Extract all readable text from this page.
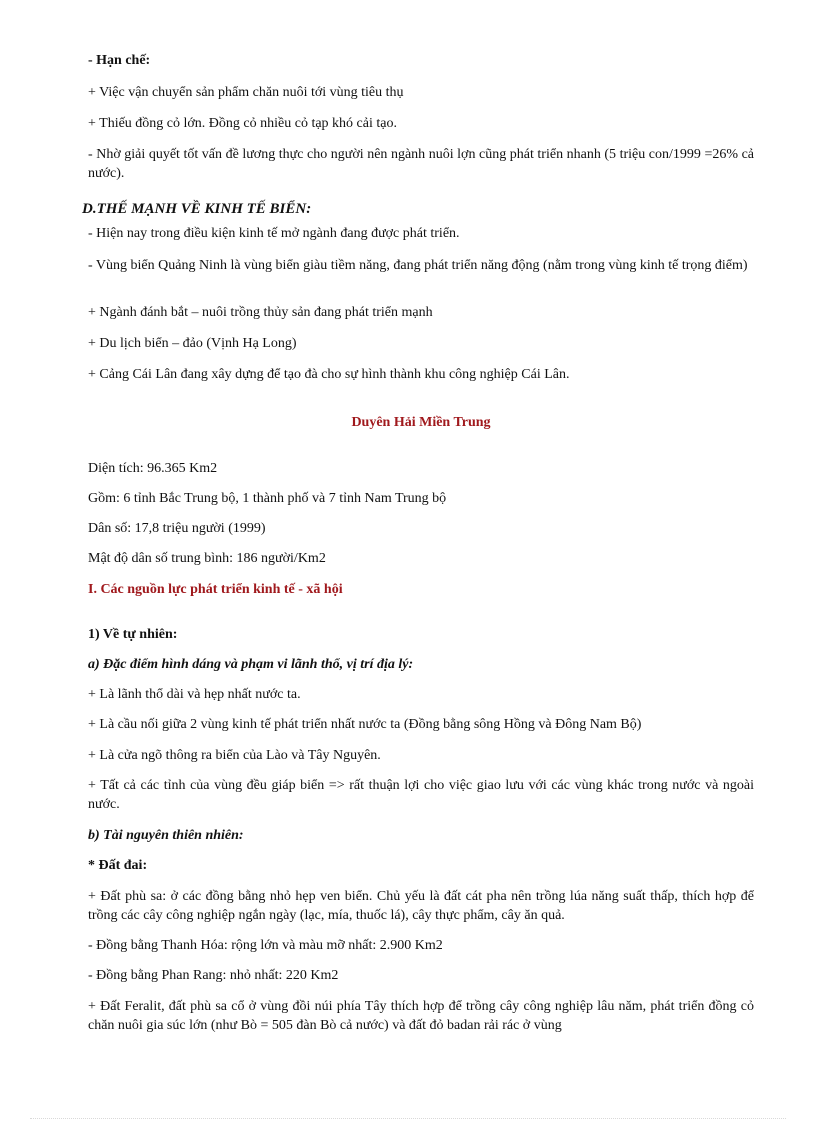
- Hạn chế:
+ Việc vận chuyển sản phẩm chăn nuôi tới vùng tiêu thụ
+ Thiếu đồng cỏ lớn. Đồng cỏ nhiều cỏ tạp khó cải tạo.
- Nhờ giải quyết tốt vấn đề lương thực cho người nên ngành nuôi lợn cũng phát triển nhanh (5 triệu con/1999 =26% cả nước).
D.THẾ MẠNH VỀ KINH TẾ BIỂN:
- Hiện nay trong điều kiện kinh tế mở ngành đang được phát triển.
- Vùng biển Quảng Ninh là vùng biển giàu tiềm năng, đang phát triển năng động (nằm trong vùng kinh tế trọng điểm)
+ Ngành đánh bắt – nuôi trồng thủy sản đang phát triển mạnh
+ Du lịch biển – đảo (Vịnh Hạ Long)
+ Cảng Cái Lân đang xây dựng để tạo đà cho sự hình thành khu công nghiệp Cái Lân.
Duyên Hải Miền Trung
Diện tích: 96.365 Km2
Gồm: 6 tỉnh Bắc Trung bộ, 1 thành phố và 7 tỉnh Nam Trung bộ
Dân số: 17,8 triệu người (1999)
Mật độ dân số trung bình: 186 người/Km2
I. Các nguồn lực phát triển kinh tế - xã hội
1) Về tự nhiên:
a) Đặc điểm hình dáng và phạm vi lãnh thổ, vị trí địa lý:
+ Là lãnh thổ dài và hẹp nhất nước ta.
+ Là cầu nối giữa 2 vùng kinh tế phát triển nhất nước ta (Đồng bằng sông Hồng và Đông Nam Bộ)
+ Là cửa ngõ thông ra biển của Lào và Tây Nguyên.
+ Tất cả các tỉnh của vùng đều giáp biển => rất thuận lợi cho việc giao lưu với các vùng khác trong nước và ngoài nước.
b) Tài nguyên thiên nhiên:
* Đất đai:
+ Đất phù sa: ở các đồng bằng nhỏ hẹp ven biển. Chủ yếu là đất cát pha nên trồng lúa năng suất thấp, thích hợp để trồng các cây công nghiệp ngắn ngày (lạc, mía, thuốc lá), cây thực phẩm, cây ăn quả.
- Đồng bằng Thanh Hóa: rộng lớn và màu mỡ nhất: 2.900 Km2
- Đồng bằng Phan Rang: nhỏ nhất: 220 Km2
+ Đất Feralit, đất phù sa cổ ở vùng đồi núi phía Tây thích hợp để trồng cây công nghiệp lâu năm, phát triển đồng cỏ chăn nuôi gia súc lớn (như Bò = 505 đàn Bò cả nước) và đất đỏ badan rải rác ở vùng
